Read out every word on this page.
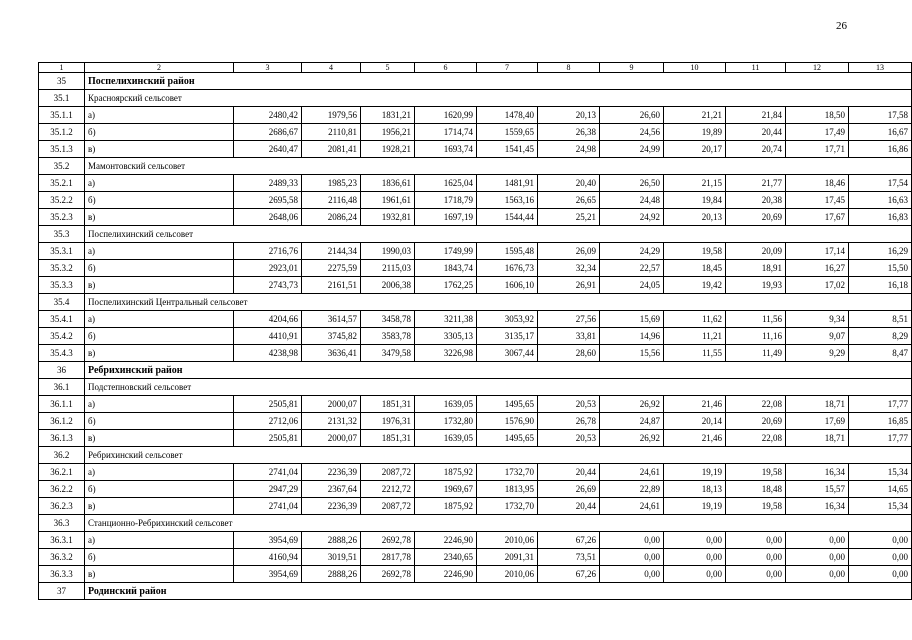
26
1	2	3	4	5	6	7	8	9	10	11	12	13
35	Поспелихинский район											
35.1	Красноярский сельсовет											
35.1.1	а)	2480,42	1979,56	1831,21	1620,99	1478,40	20,13	26,60	21,21	21,84	18,50	17,58
35.1.2	б)	2686,67	2110,81	1956,21	1714,74	1559,65	26,38	24,56	19,89	20,44	17,49	16,67
35.1.3	в)	2640,47	2081,41	1928,21	1693,74	1541,45	24,98	24,99	20,17	20,74	17,71	16,86
35.2	Мамонтовский сельсовет											
35.2.1	а)	2489,33	1985,23	1836,61	1625,04	1481,91	20,40	26,50	21,15	21,77	18,46	17,54
35.2.2	б)	2695,58	2116,48	1961,61	1718,79	1563,16	26,65	24,48	19,84	20,38	17,45	16,63
35.2.3	в)	2648,06	2086,24	1932,81	1697,19	1544,44	25,21	24,92	20,13	20,69	17,67	16,83
35.3	Поспелихинский сельсовет											
35.3.1	а)	2716,76	2144,34	1990,03	1749,99	1595,48	26,09	24,29	19,58	20,09	17,14	16,29
35.3.2	б)	2923,01	2275,59	2115,03	1843,74	1676,73	32,34	22,57	18,45	18,91	16,27	15,50
35.3.3	в)	2743,73	2161,51	2006,38	1762,25	1606,10	26,91	24,05	19,42	19,93	17,02	16,18
35.4	Поспелихинский Центральный сельсовет											
35.4.1	а)	4204,66	3614,57	3458,78	3211,38	3053,92	27,56	15,69	11,62	11,56	9,34	8,51
35.4.2	б)	4410,91	3745,82	3583,78	3305,13	3135,17	33,81	14,96	11,21	11,16	9,07	8,29
35.4.3	в)	4238,98	3636,41	3479,58	3226,98	3067,44	28,60	15,56	11,55	11,49	9,29	8,47
36	Ребрихинский район											
36.1	Подстепновский сельсовет											
36.1.1	а)	2505,81	2000,07	1851,31	1639,05	1495,65	20,53	26,92	21,46	22,08	18,71	17,77
36.1.2	б)	2712,06	2131,32	1976,31	1732,80	1576,90	26,78	24,87	20,14	20,69	17,69	16,85
36.1.3	в)	2505,81	2000,07	1851,31	1639,05	1495,65	20,53	26,92	21,46	22,08	18,71	17,77
36.2	Ребрихинский сельсовет											
36.2.1	а)	2741,04	2236,39	2087,72	1875,92	1732,70	20,44	24,61	19,19	19,58	16,34	15,34
36.2.2	б)	2947,29	2367,64	2212,72	1969,67	1813,95	26,69	22,89	18,13	18,48	15,57	14,65
36.2.3	в)	2741,04	2236,39	2087,72	1875,92	1732,70	20,44	24,61	19,19	19,58	16,34	15,34
36.3	Станционно-Ребрихинский сельсовет											
36.3.1	а)	3954,69	2888,26	2692,78	2246,90	2010,06	67,26	0,00	0,00	0,00	0,00	0,00
36.3.2	б)	4160,94	3019,51	2817,78	2340,65	2091,31	73,51	0,00	0,00	0,00	0,00	0,00
36.3.3	в)	3954,69	2888,26	2692,78	2246,90	2010,06	67,26	0,00	0,00	0,00	0,00	0,00
37	Родинский район											
